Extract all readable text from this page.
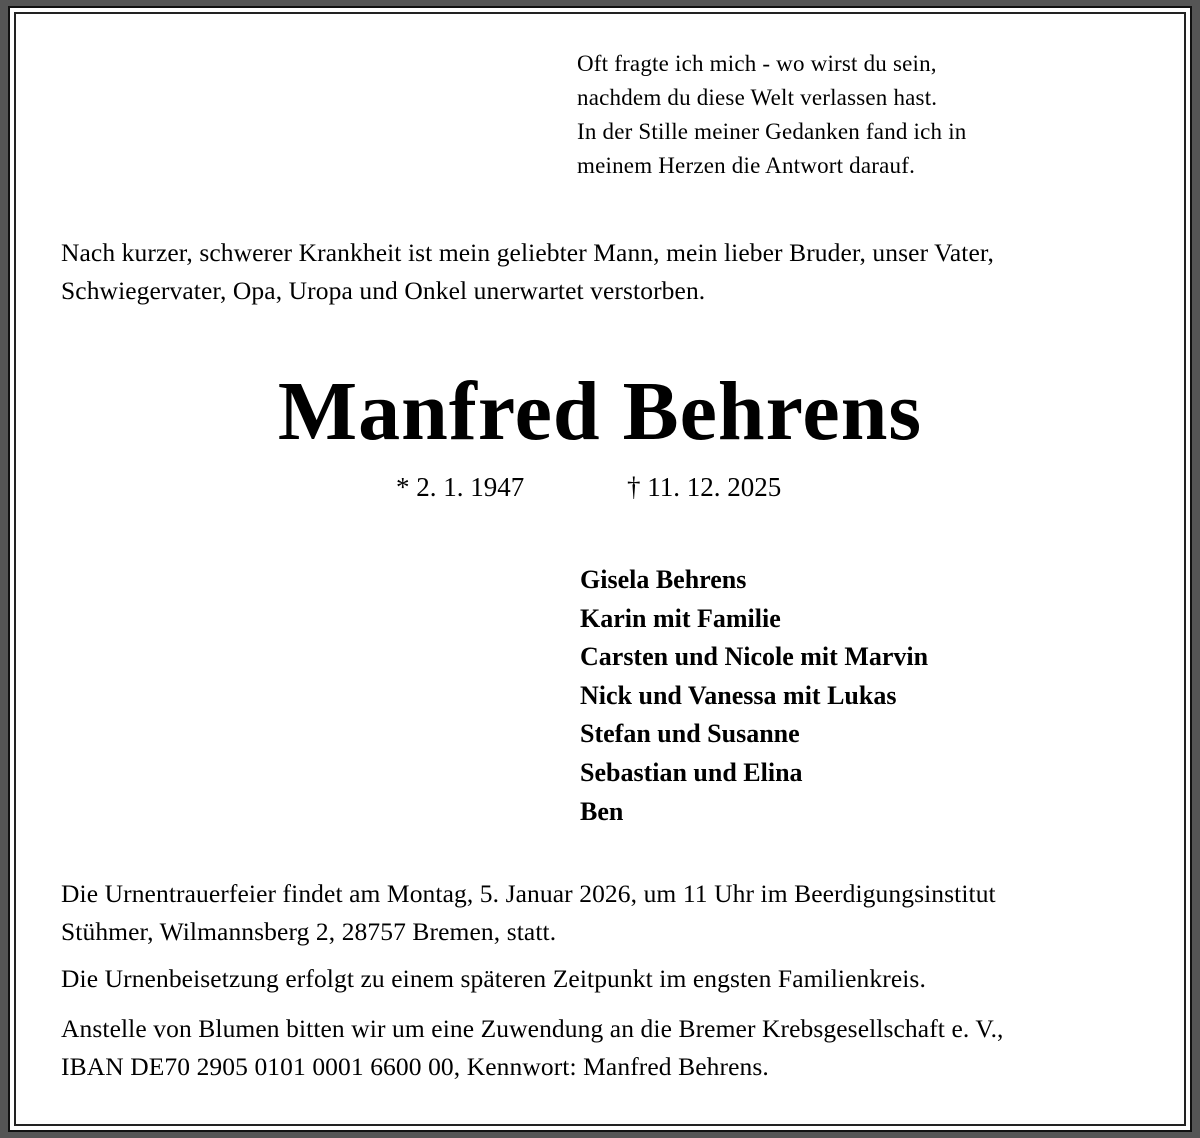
Oft fragte ich mich - wo wirst du sein,
nachdem du diese Welt verlassen hast.
In der Stille meiner Gedanken fand ich in
meinem Herzen die Antwort darauf.
Nach kurzer, schwerer Krankheit ist mein geliebter Mann, mein lieber Bruder, unser Vater,
Schwiegervater, Opa, Uropa und Onkel unerwartet verstorben.
Manfred Behrens
* 2. 1. 1947	† 11. 12. 2025
Gisela Behrens
Karin mit Familie
Carsten und Nicole mit Marvin
Nick und Vanessa mit Lukas
Stefan und Susanne
Sebastian und Elina
Ben
Die Urnentrauerfeier findet am Montag, 5. Januar 2026, um 11 Uhr im Beerdigungsinstitut
Stühmer, Wilmannsberg 2, 28757 Bremen, statt.
Die Urnenbeisetzung erfolgt zu einem späteren Zeitpunkt im engsten Familienkreis.
Anstelle von Blumen bitten wir um eine Zuwendung an die Bremer Krebsgesellschaft e. V.,
IBAN DE70 2905 0101 0001 6600 00, Kennwort: Manfred Behrens.
